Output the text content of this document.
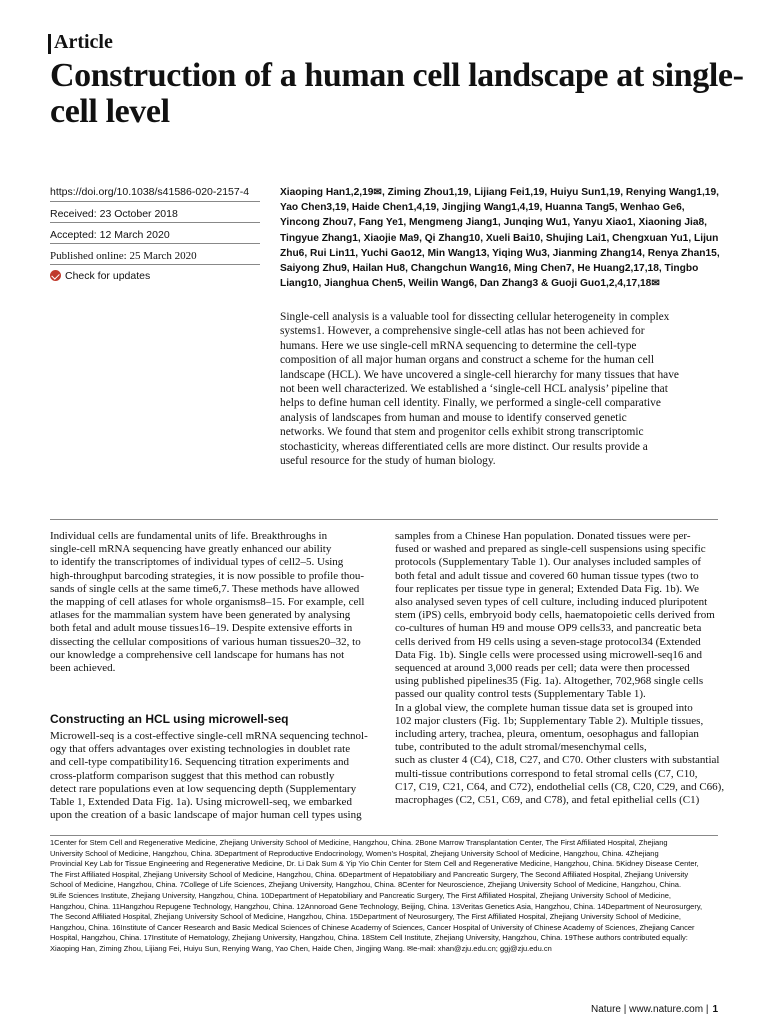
Article
Construction of a human cell landscape at single-cell level
https://doi.org/10.1038/s41586-020-2157-4
Received: 23 October 2018
Accepted: 12 March 2020
Published online: 25 March 2020
Check for updates
Xiaoping Han1,2,19✉, Ziming Zhou1,19, Lijiang Fei1,19, Huiyu Sun1,19, Renying Wang1,19, Yao Chen3,19, Haide Chen1,4,19, Jingjing Wang1,4,19, Huanna Tang5, Wenhao Ge6, Yincong Zhou7, Fang Ye1, Mengmeng Jiang1, Junqing Wu1, Yanyu Xiao1, Xiaoning Jia8, Tingyue Zhang1, Xiaojie Ma9, Qi Zhang10, Xueli Bai10, Shujing Lai1, Chengxuan Yu1, Lijun Zhu6, Rui Lin11, Yuchi Gao12, Min Wang13, Yiqing Wu3, Jianming Zhang14, Renya Zhan15, Saiyong Zhu9, Hailan Hu8, Changchun Wang16, Ming Chen7, He Huang2,17,18, Tingbo Liang10, Jianghua Chen5, Weilin Wang6, Dan Zhang3 & Guoji Guo1,2,4,17,18✉
Single-cell analysis is a valuable tool for dissecting cellular heterogeneity in complex
systems1. However, a comprehensive single-cell atlas has not been achieved for
humans. Here we use single-cell mRNA sequencing to determine the cell-type
composition of all major human organs and construct a scheme for the human cell
landscape (HCL). We have uncovered a single-cell hierarchy for many tissues that have
not been well characterized. We established a ‘single-cell HCL analysis’ pipeline that
helps to define human cell identity. Finally, we performed a single-cell comparative
analysis of landscapes from human and mouse to identify conserved genetic
networks. We found that stem and progenitor cells exhibit strong transcriptomic
stochasticity, whereas differentiated cells are more distinct. Our results provide a
useful resource for the study of human biology.
Individual cells are fundamental units of life. Breakthroughs in
single-cell mRNA sequencing have greatly enhanced our ability
to identify the transcriptomes of individual types of cell2–5. Using
high-throughput barcoding strategies, it is now possible to profile thou-
sands of single cells at the same time6,7. These methods have allowed
the mapping of cell atlases for whole organisms8–15. For example, cell
atlases for the mammalian system have been generated by analysing
both fetal and adult mouse tissues16–19. Despite extensive efforts in
dissecting the cellular compositions of various human tissues20–32, to
our knowledge a comprehensive cell landscape for humans has not
been achieved.
Constructing an HCL using microwell-seq
Microwell-seq is a cost-effective single-cell mRNA sequencing technol-
ogy that offers advantages over existing technologies in doublet rate
and cell-type compatibility16. Sequencing titration experiments and
cross-platform comparison suggest that this method can robustly
detect rare populations even at low sequencing depth (Supplementary
Table 1, Extended Data Fig. 1a). Using microwell-seq, we embarked
upon the creation of a basic landscape of major human cell types using
samples from a Chinese Han population. Donated tissues were per-
fused or washed and prepared as single-cell suspensions using specific
protocols (Supplementary Table 1). Our analyses included samples of
both fetal and adult tissue and covered 60 human tissue types (two to
four replicates per tissue type in general; Extended Data Fig. 1b). We
also analysed seven types of cell culture, including induced pluripotent
stem (iPS) cells, embryoid body cells, haematopoietic cells derived from
co-cultures of human H9 and mouse OP9 cells33, and pancreatic beta
cells derived from H9 cells using a seven-stage protocol34 (Extended
Data Fig. 1b). Single cells were processed using microwell-seq16 and
sequenced at around 3,000 reads per cell; data were then processed
using published pipelines35 (Fig. 1a). Altogether, 702,968 single cells
passed our quality control tests (Supplementary Table 1).
In a global view, the complete human tissue data set is grouped into
102 major clusters (Fig. 1b; Supplementary Table 2). Multiple tissues,
including artery, trachea, pleura, omentum, oesophagus and fallopian
tube, contributed to the adult stromal/mesenchymal cells,
such as cluster 4 (C4), C18, C27, and C70. Other clusters with substantial
multi-tissue contributions correspond to fetal stromal cells (C7, C10,
C17, C19, C21, C64, and C72), endothelial cells (C8, C20, C29, and C66),
macrophages (C2, C51, C69, and C78), and fetal epithelial cells (C1)
1Center for Stem Cell and Regenerative Medicine, Zhejiang University School of Medicine, Hangzhou, China. 2Bone Marrow Transplantation Center, The First Affiliated Hospital, Zhejiang
University School of Medicine, Hangzhou, China. 3Department of Reproductive Endocrinology, Women’s Hospital, Zhejiang University School of Medicine, Hangzhou, China. 4Zhejiang
Provincial Key Lab for Tissue Engineering and Regenerative Medicine, Dr. Li Dak Sum & Yip Yio Chin Center for Stem Cell and Regenerative Medicine, Hangzhou, China. 5Kidney Disease Center,
The First Affiliated Hospital, Zhejiang University School of Medicine, Hangzhou, China. 6Department of Hepatobiliary and Pancreatic Surgery, The Second Affiliated Hospital, Zhejiang University
School of Medicine, Hangzhou, China. 7College of Life Sciences, Zhejiang University, Hangzhou, China. 8Center for Neuroscience, Zhejiang University School of Medicine, Hangzhou, China.
9Life Sciences Institute, Zhejiang University, Hangzhou, China. 10Department of Hepatobiliary and Pancreatic Surgery, The First Affiliated Hospital, Zhejiang University School of Medicine,
Hangzhou, China. 11Hangzhou Repugene Technology, Hangzhou, China. 12Annoroad Gene Technology, Beijing, China. 13Veritas Genetics Asia, Hangzhou, China. 14Department of Neurosurgery,
The Second Affiliated Hospital, Zhejiang University School of Medicine, Hangzhou, China. 15Department of Neurosurgery, The First Affiliated Hospital, Zhejiang University School of Medicine,
Hangzhou, China. 16Institute of Cancer Research and Basic Medical Sciences of Chinese Academy of Sciences, Cancer Hospital of University of Chinese Academy of Sciences, Zhejiang Cancer
Hospital, Hangzhou, China. 17Institute of Hematology, Zhejiang University, Hangzhou, China. 18Stem Cell Institute, Zhejiang University, Hangzhou, China. 19These authors contributed equally:
Xiaoping Han, Ziming Zhou, Lijiang Fei, Huiyu Sun, Renying Wang, Yao Chen, Haide Chen, Jingjing Wang. ✉e-mail: xhan@zju.edu.cn; ggj@zju.edu.cn
Nature | www.nature.com | 1
